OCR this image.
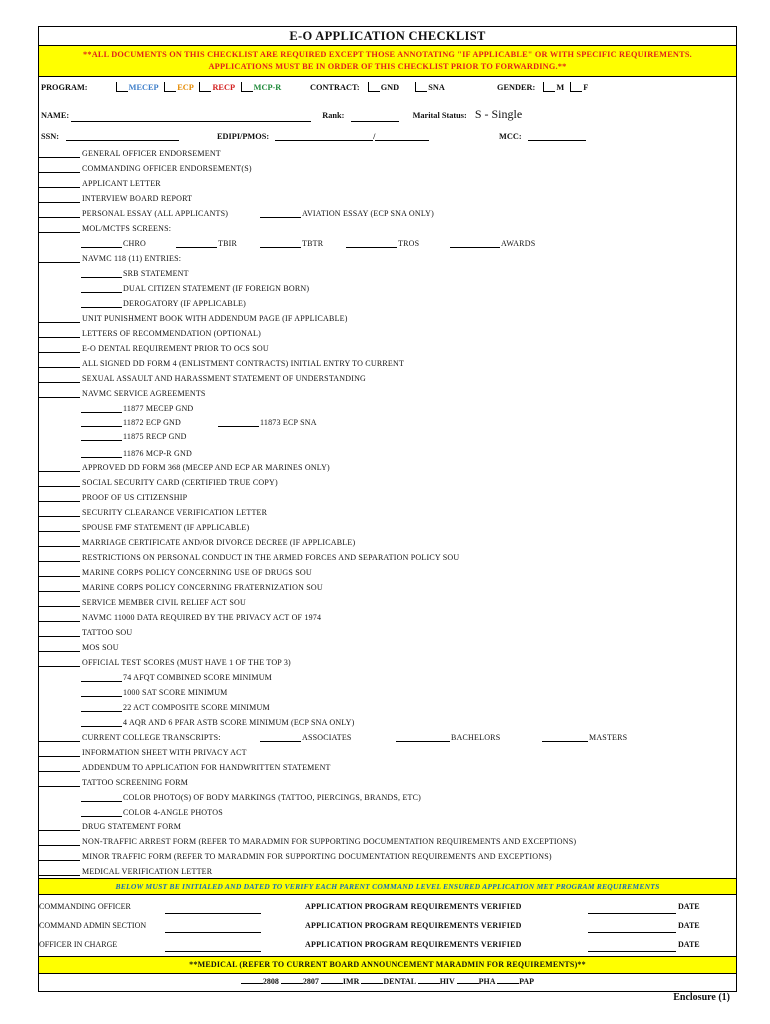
E-O APPLICATION CHECKLIST
**ALL DOCUMENTS ON THIS CHECKLIST ARE REQUIRED EXCEPT THOSE ANNOTATING "IF APPLICABLE" OR WITH SPECIFIC REQUIREMENTS.
APPLICATIONS MUST BE IN ORDER OF THIS CHECKLIST PRIOR TO FORWARDING.**
PROGRAM:	MECEP ECP RECP MCP-R	CONTRACT:	GND	SNA	GENDER:	M F
NAME:	Rank:	Marital Status: S - Single
SSN:	EDIPI/PMOS:	/	MCC:
GENERAL OFFICER ENDORSEMENT
COMMANDING OFFICER ENDORSEMENT(S)
APPLICANT LETTER
INTERVIEW BOARD REPORT
PERSONAL ESSAY (ALL APPLICANTS)	AVIATION ESSAY (ECP SNA ONLY)
MOL/MCTFS SCREENS:
CHRO	TBIR	TBTR	TROS	AWARDS
NAVMC 118 (11) ENTRIES:
SRB STATEMENT
DUAL CITIZEN STATEMENT (IF FOREIGN BORN)
DEROGATORY (IF APPLICABLE)
UNIT PUNISHMENT BOOK WITH ADDENDUM PAGE (IF APPLICABLE)
LETTERS OF RECOMMENDATION (OPTIONAL)
E-O DENTAL REQUIREMENT PRIOR TO OCS SOU
ALL SIGNED DD FORM 4 (ENLISTMENT CONTRACTS) INITIAL ENTRY TO CURRENT
SEXUAL ASSAULT AND HARASSMENT STATEMENT OF UNDERSTANDING
NAVMC SERVICE AGREEMENTS
11877 MECEP GND
11872 ECP GND	11873 ECP SNA
11875 RECP GND
11876 MCP-R GND
APPROVED DD FORM 368 (MECEP AND ECP AR MARINES ONLY)
SOCIAL SECURITY CARD (CERTIFIED TRUE COPY)
PROOF OF US CITIZENSHIP
SECURITY CLEARANCE VERIFICATION LETTER
SPOUSE FMF STATEMENT (IF APPLICABLE)
MARRIAGE CERTIFICATE AND/OR DIVORCE DECREE (IF APPLICABLE)
RESTRICTIONS ON PERSONAL CONDUCT IN THE ARMED FORCES AND SEPARATION POLICY SOU
MARINE CORPS POLICY CONCERNING USE OF DRUGS SOU
MARINE CORPS POLICY CONCERNING FRATERNIZATION SOU
SERVICE MEMBER CIVIL RELIEF ACT SOU
NAVMC 11000 DATA REQUIRED BY THE PRIVACY ACT OF 1974
TATTOO SOU
MOS SOU
OFFICIAL TEST SCORES (MUST HAVE 1 OF THE TOP 3)
74 AFQT COMBINED SCORE MINIMUM
1000 SAT SCORE MINIMUM
22 ACT COMPOSITE SCORE MINIMUM
4 AQR AND 6 PFAR ASTB SCORE MINIMUM (ECP SNA ONLY)
CURRENT COLLEGE TRANSCRIPTS:	ASSOCIATES	BACHELORS	MASTERS
INFORMATION SHEET WITH PRIVACY ACT
ADDENDUM TO APPLICATION FOR HANDWRITTEN STATEMENT
TATTOO SCREENING FORM
COLOR PHOTO(S) OF BODY MARKINGS (TATTOO, PIERCINGS, BRANDS, ETC)
COLOR 4-ANGLE PHOTOS
DRUG STATEMENT FORM
NON-TRAFFIC ARREST FORM (REFER TO MARADMIN FOR SUPPORTING DOCUMENTATION REQUIREMENTS AND EXCEPTIONS)
MINOR TRAFFIC FORM (REFER TO MARADMIN FOR SUPPORTING DOCUMENTATION REQUIREMENTS AND EXCEPTIONS)
MEDICAL VERIFICATION LETTER
BELOW MUST BE INITIALED AND DATED TO VERIFY EACH PARENT COMMAND LEVEL ENSURED APPLICATION MET PROGRAM REQUIREMENTS
COMMANDING OFFICER	APPLICATION PROGRAM REQUIREMENTS VERIFIED	DATE
COMMAND ADMIN SECTION	APPLICATION PROGRAM REQUIREMENTS VERIFIED	DATE
OFFICER IN CHARGE	APPLICATION PROGRAM REQUIREMENTS VERIFIED	DATE
**MEDICAL (REFER TO CURRENT BOARD ANNOUNCEMENT MARADMIN FOR REQUIREMENTS)**
2808	2807	IMR	DENTAL	HIV	PHA	PAP
Enclosure (1)
